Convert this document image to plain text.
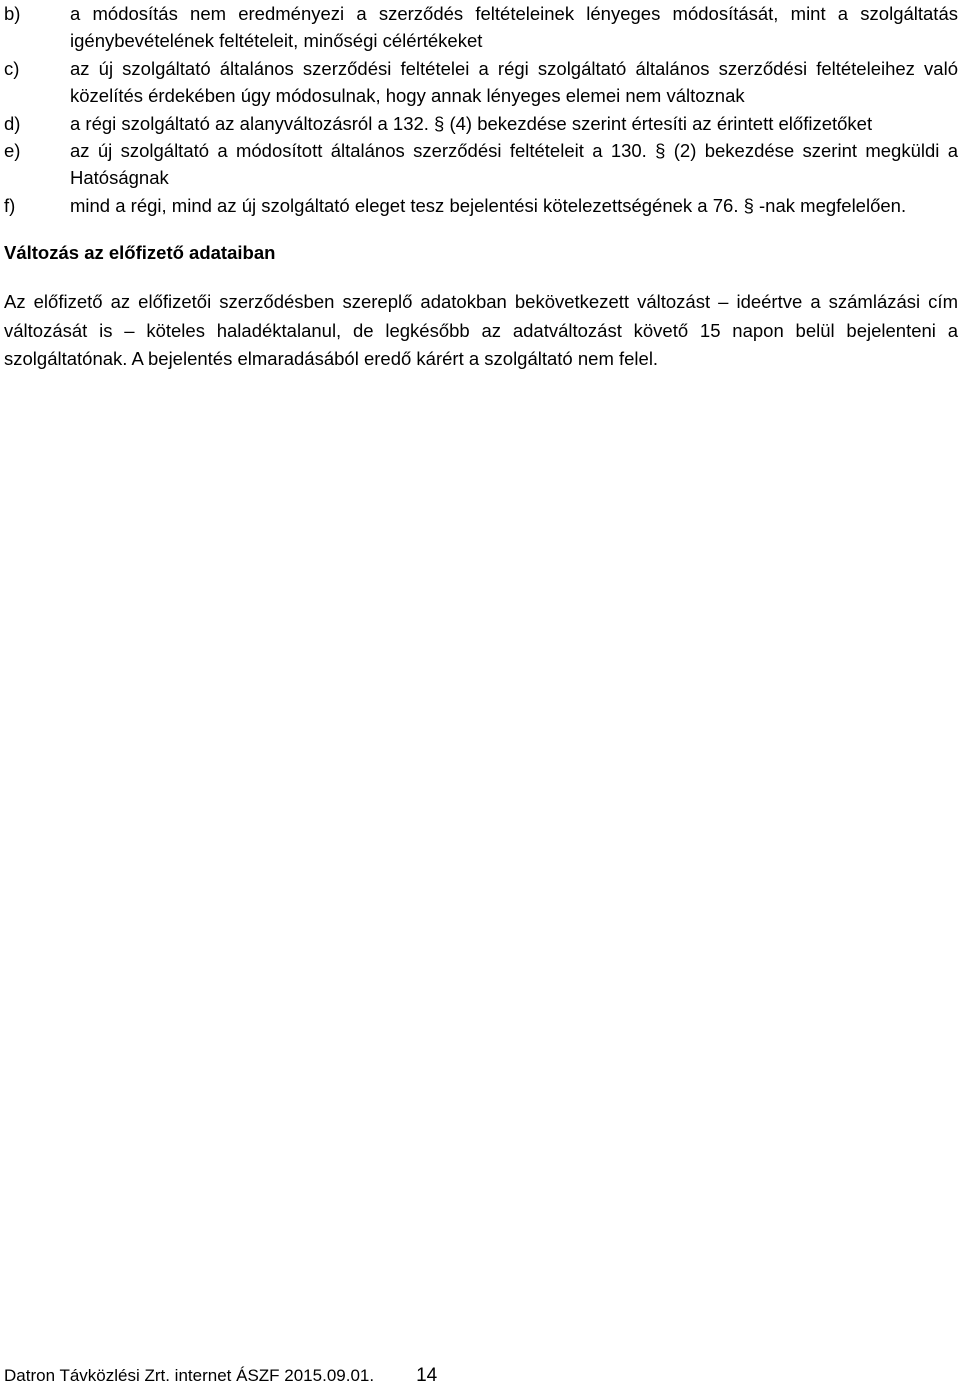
b)	a módosítás nem eredményezi a szerződés feltételeinek lényeges módosítását, mint a szolgáltatás igénybevételének feltételeit, minőségi célértékeket
c)	az új szolgáltató általános szerződési feltételei a régi szolgáltató általános szerződési feltételeihez való közelítés érdekében úgy módosulnak, hogy annak lényeges elemei nem változnak
d)	a régi szolgáltató az alanyváltozásról a 132. § (4) bekezdése szerint értesíti az érintett előfizetőket
e)	az új szolgáltató a módosított általános szerződési feltételeit a 130. § (2) bekezdése szerint megküldi a Hatóságnak
f)	mind a régi, mind az új szolgáltató eleget tesz bejelentési kötelezettségének a 76. § -nak megfelelően.
Változás az előfizető adataiban

Az előfizető az előfizetői szerződésben szereplő adatokban bekövetkezett változást – ideértve a számlázási cím változását is – köteles haladéktalanul, de legkésőbb az adatváltozást követő 15 napon belül bejelenteni a szolgáltatónak. A bejelentés elmaradásából eredő kárért a szolgáltató nem felel.

Datron Távközlési Zrt. internet ÁSZF 2015.09.01. 14
